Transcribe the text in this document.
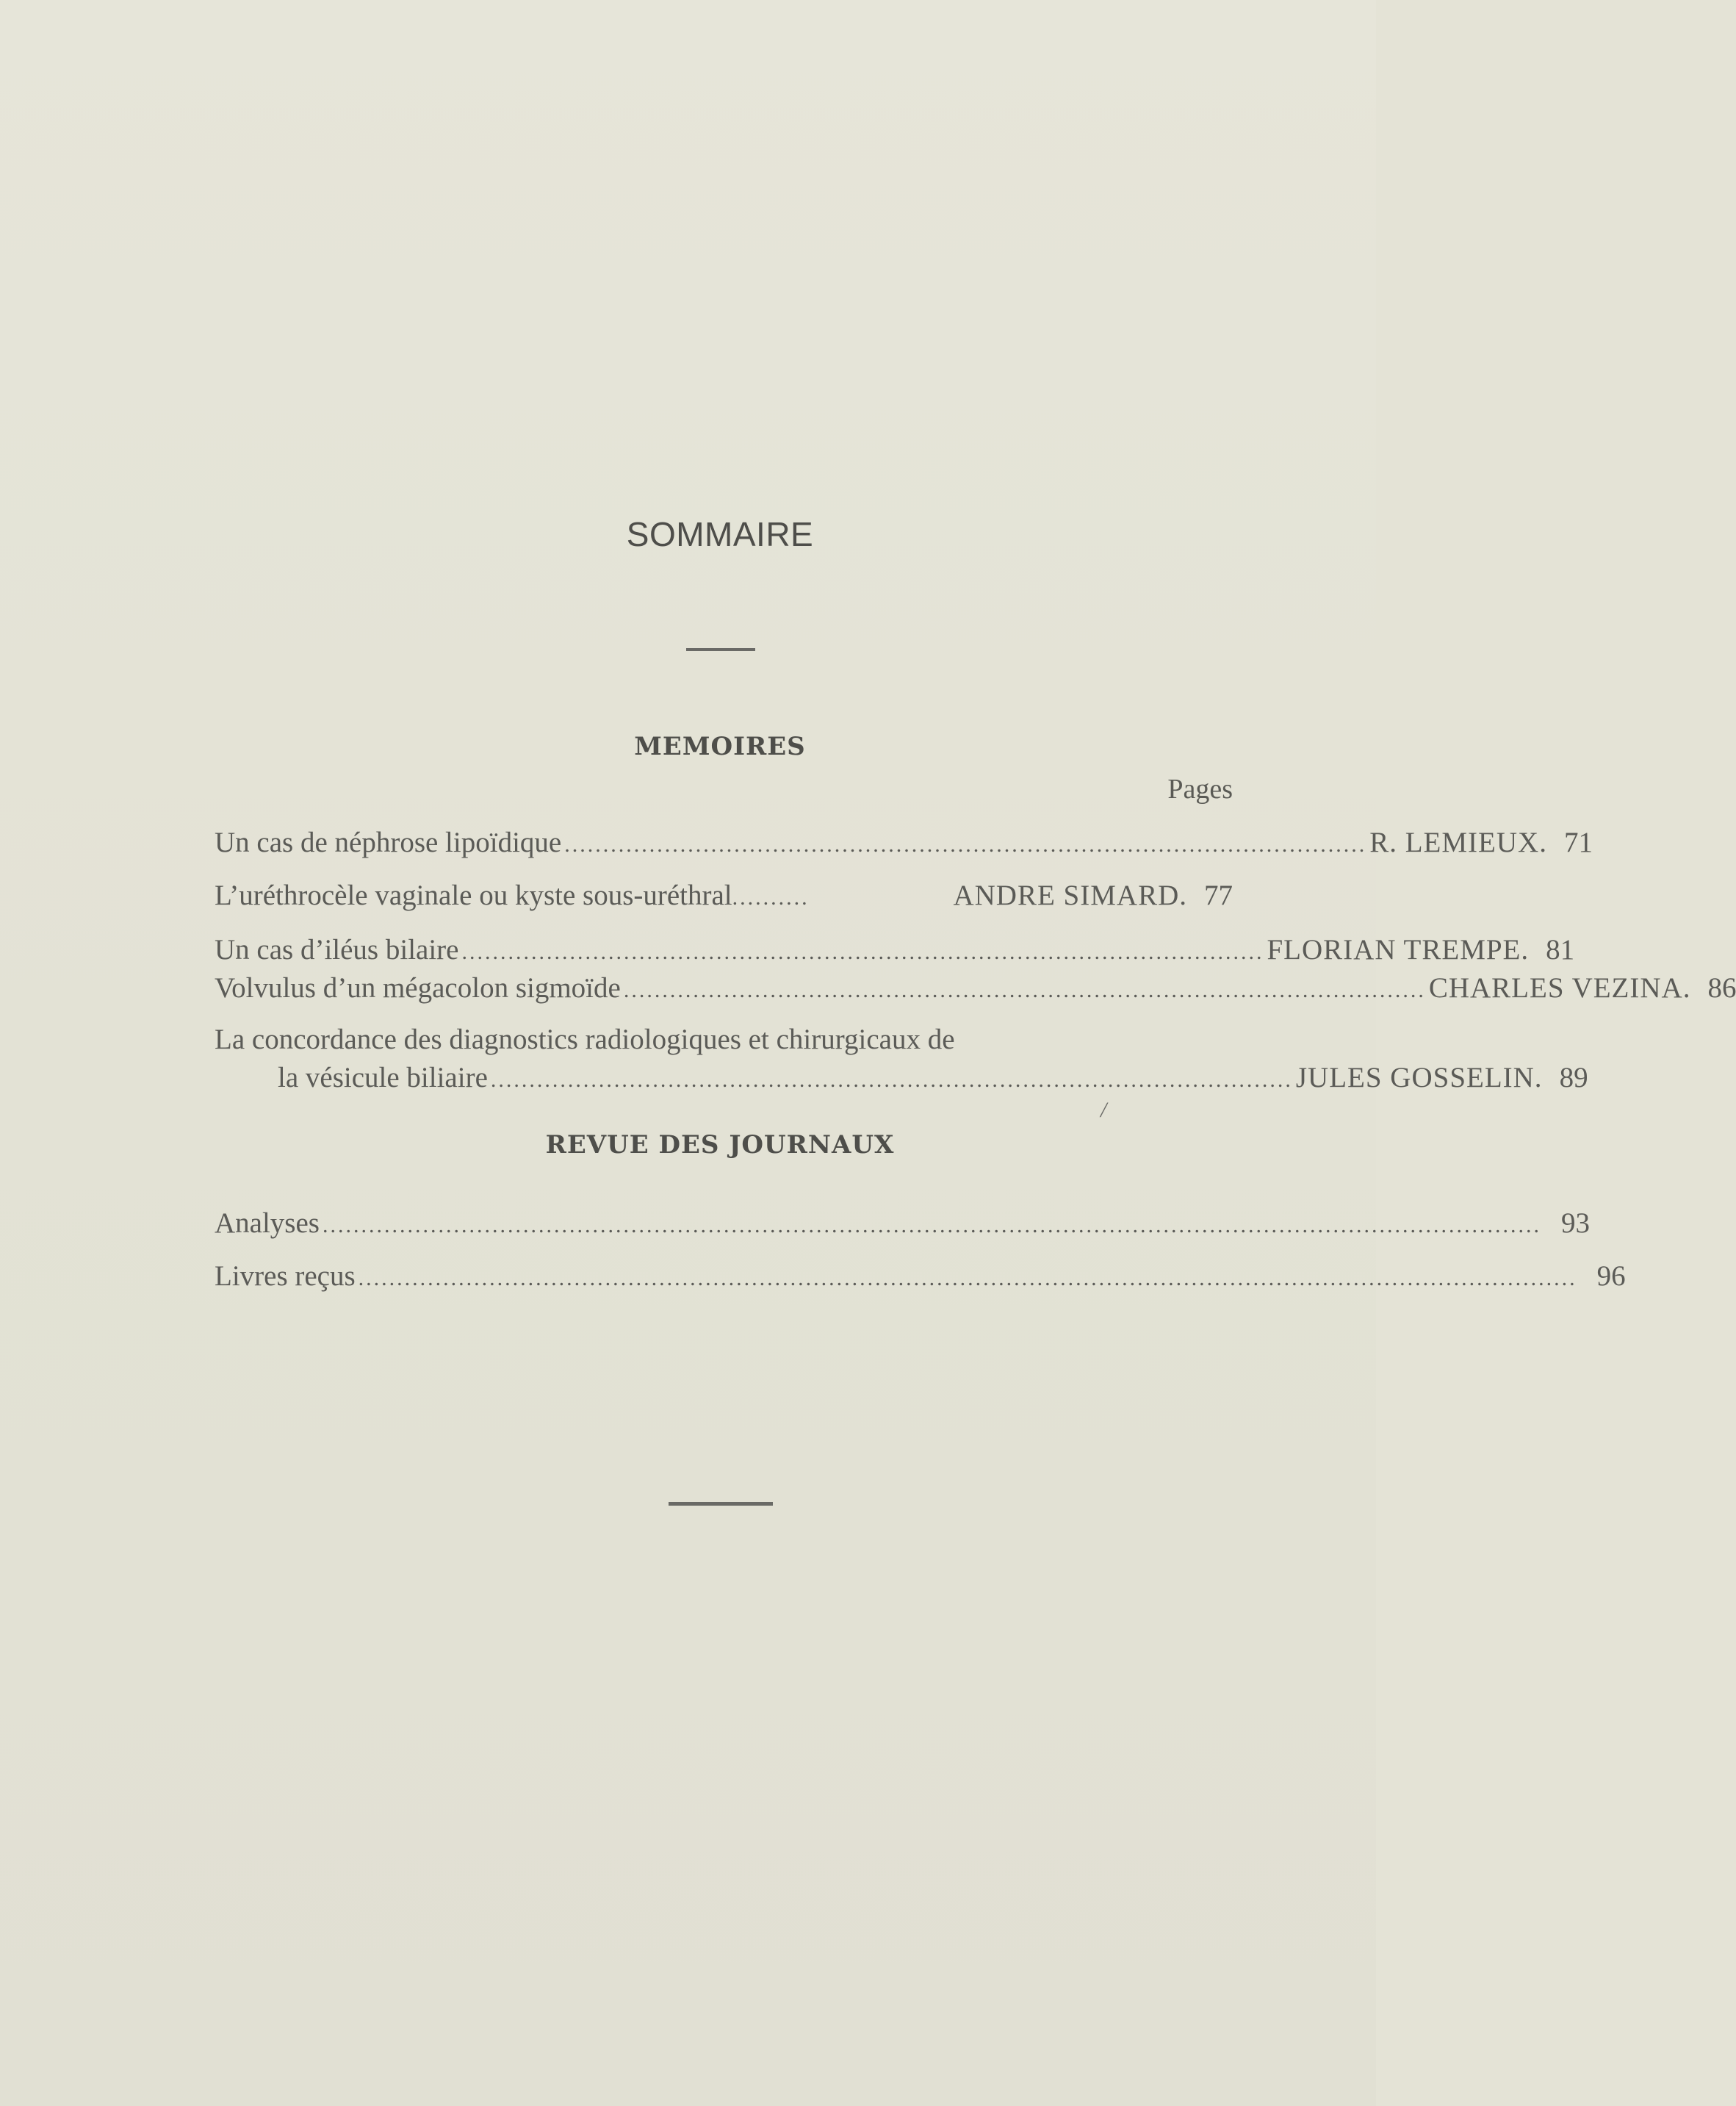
SOMMAIRE
MEMOIRES
Pages
Un cas de néphrose lipoïdique ........................................................................................................ R. LEMIEUX. 71
L’uréthrocèle vaginale ou kyste sous-uréthral ..........	ANDRE SIMARD. 77
Un cas d’iléus bilaire ........................................................................................................ FLORIAN TREMPE. 81
Volvulus d’un mégacolon sigmoïde ........................................................................................................ CHARLES VEZINA. 86
La concordance des diagnostics radiologiques et chirurgicaux de
la vésicule biliaire ........................................................................................................ JULES GOSSELIN. 89
/
REVUE DES JOURNAUX
Analyses .............................................................................................................................................................. 93
Livres reçus .............................................................................................................................................................. 96
